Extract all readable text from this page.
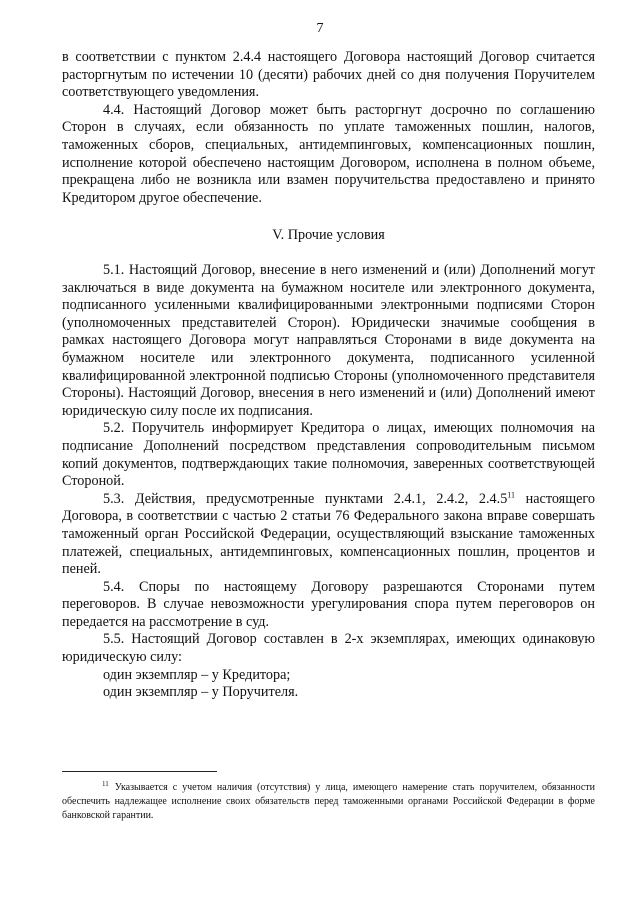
7

в соответствии с пунктом 2.4.4 настоящего Договора настоящий Договор считается расторгнутым по истечении 10 (десяти) рабочих дней со дня получения Поручителем соответствующего уведомления.

4.4. Настоящий Договор может быть расторгнут досрочно по соглашению Сторон в случаях, если обязанность по уплате таможенных пошлин, налогов, таможенных сборов, специальных, антидемпинговых, компенсационных пошлин, исполнение которой обеспечено настоящим Договором, исполнена в полном объеме, прекращена либо не возникла или взамен поручительства предоставлено и принято Кредитором другое обеспечение.

V. Прочие условия

5.1. Настоящий Договор, внесение в него изменений и (или) Дополнений могут заключаться в виде документа на бумажном носителе или электронного документа, подписанного усиленными квалифицированными электронными подписями Сторон (уполномоченных представителей Сторон). Юридически значимые сообщения в рамках настоящего Договора могут направляться Сторонами в виде документа на бумажном носителе или электронного документа, подписанного усиленной квалифицированной электронной подписью Стороны (уполномоченного представителя Стороны). Настоящий Договор, внесения в него изменений и (или) Дополнений имеют юридическую силу после их подписания.

5.2. Поручитель информирует Кредитора о лицах, имеющих полномочия на подписание Дополнений посредством представления сопроводительным письмом копий документов, подтверждающих такие полномочия, заверенных соответствующей Стороной.

5.3. Действия, предусмотренные пунктами 2.4.1, 2.4.2, 2.4.5$^{11}$ настоящего Договора, в соответствии с частью 2 статьи 76 Федерального закона вправе совершать таможенный орган Российской Федерации, осуществляющий взыскание таможенных платежей, специальных, антидемпинговых, компенсационных пошлин, процентов и пеней.

5.4. Споры по настоящему Договору разрешаются Сторонами путем переговоров. В случае невозможности урегулирования спора путем переговоров он передается на рассмотрение в суд.

5.5. Настоящий Договор составлен в 2-х экземплярах, имеющих одинаковую юридическую силу:

один экземпляр – у Кредитора;

один экземпляр – у Поручителя.

$^{11}$ Указывается с учетом наличия (отсутствия) у лица, имеющего намерение стать поручителем, обязанности обеспечить надлежащее исполнение своих обязательств перед таможенными органами Российской Федерации в форме банковской гарантии.
